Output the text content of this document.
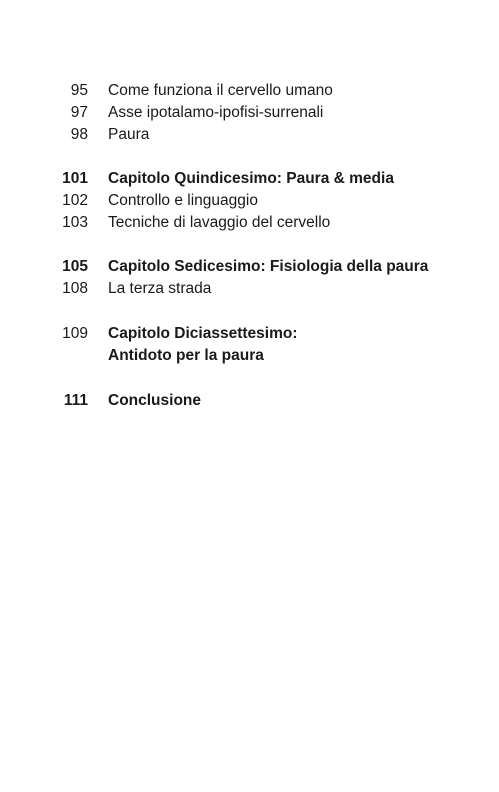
95 Come funziona il cervello umano
97 Asse ipotalamo-ipofisi-surrenali
98 Paura
101 Capitolo Quindicesimo: Paura & media
102 Controllo e linguaggio
103 Tecniche di lavaggio del cervello
105 Capitolo Sedicesimo: Fisiologia della paura
108 La terza strada
109 Capitolo Diciassettesimo:
Antidoto per la paura
111 Conclusione
